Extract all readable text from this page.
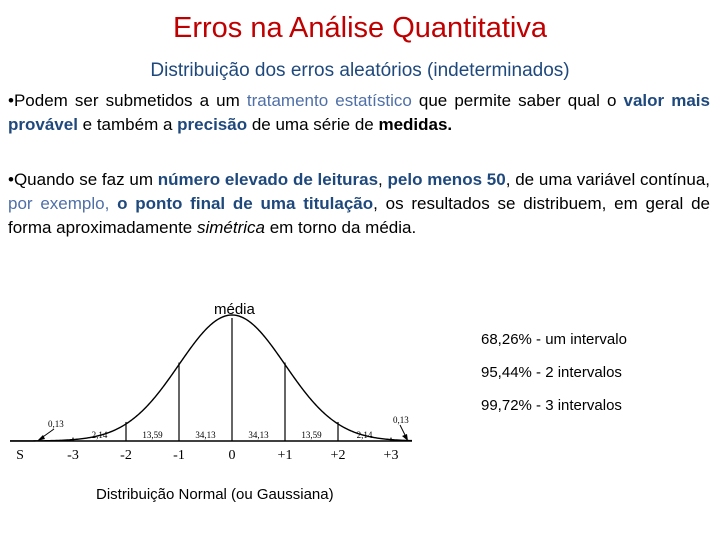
Erros na Análise Quantitativa
Distribuição dos erros aleatórios (indeterminados)
•Podem ser submetidos a um tratamento estatístico que permite saber qual o valor mais provável e também a precisão de uma série de medidas.
•Quando se faz um número elevado de leituras, pelo menos 50, de uma variável contínua, por exemplo, o ponto final de uma titulação, os resultados se distribuem, em geral de forma aproximadamente simétrica em torno da média.
média
68,26% - um intervalo
95,44% - 2 intervalos
99,72% - 3 intervalos
Distribuição Normal (ou Gaussiana)
S	-3	-2	-1	0	+1	+2	+3
2,14	13,59	34,13	34,13	13,59	2,14
0,13	0,13
